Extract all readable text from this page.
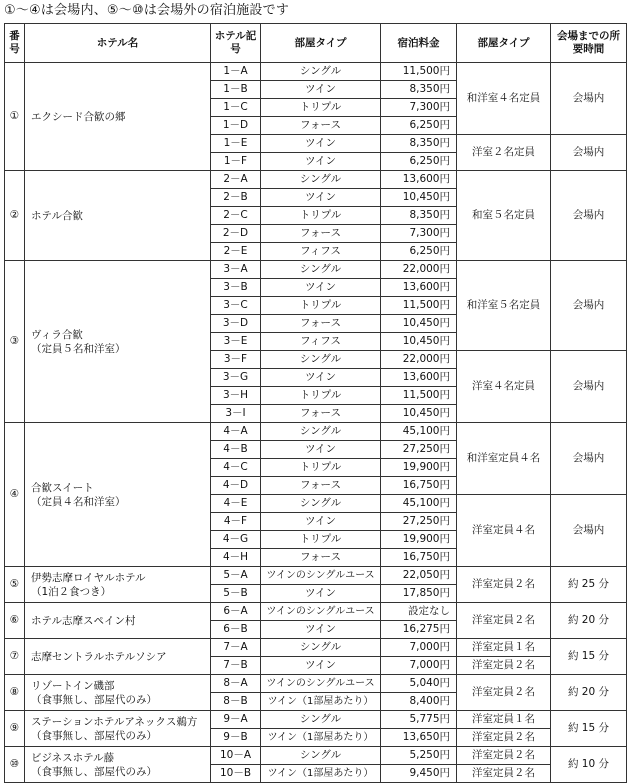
①〜④は会場内、⑤〜⑩は会場外の宿泊施設です
番号	ホテル名	ホテル記号	部屋タイプ	宿泊料金	部屋タイプ	会場までの所要時間
①	エクシード合歓の郷	1－A	シングル	11,500円	和洋室４名定員	会場内
		1－B	ツイン	8,350円		
		1－C	トリプル	7,300円		
		1－D	フォース	6,250円		
		1－E	ツイン	8,350円	洋室２名定員	会場内
		1－F	ツイン	6,250円		
②	ホテル合歓	2－A	シングル	13,600円	和室５名定員	会場内
		2－B	ツイン	10,450円		
		2－C	トリプル	8,350円		
		2－D	フォース	7,300円		
		2－E	フィフス	6,250円		
③	ヴィラ合歓
（定員５名和洋室）	3－A	シングル	22,000円	和洋室５名定員	会場内
		3－B	ツイン	13,600円		
		3－C	トリプル	11,500円		
		3－D	フォース	10,450円		
		3－E	フィフス	10,450円		
		3－F	シングル	22,000円	洋室４名定員	会場内
		3－G	ツイン	13,600円		
		3－H	トリプル	11,500円		
		3－I	フォース	10,450円		
④	合歓スイート
（定員４名和洋室）	4－A	シングル	45,100円	和洋室定員４名	会場内
		4－B	ツイン	27,250円		
		4－C	トリプル	19,900円		
		4－D	フォース	16,750円		
		4－E	シングル	45,100円	洋室定員４名	会場内
		4－F	ツイン	27,250円		
		4－G	トリプル	19,900円		
		4－H	フォース	16,750円		
⑤	伊勢志摩ロイヤルホテル
（1泊２食つき）	5－A	ツインのシングルユース	22,050円	洋室定員２名	約 25 分
		5－B	ツイン	17,850円		
⑥	ホテル志摩スペイン村	6－A	ツインのシングルユース	設定なし	洋室定員２名	約 20 分
		6－B	ツイン	16,275円		
⑦	志摩セントラルホテルソシア	7－A	シングル	7,000円	洋室定員１名	約 15 分
		7－B	ツイン	7,000円	洋室定員２名	
⑧	リゾートイン磯部
（食事無し、部屋代のみ）	8－A	ツインのシングルユース	5,040円	洋室定員２名	約 20 分
		8－B	ツイン（1部屋あたり）	8,400円		
⑨	ステーションホテルアネックス鵜方
（食事無し、部屋代のみ）	9－A	シングル	5,775円	洋室定員１名	約 15 分
		9－B	ツイン（1部屋あたり）	13,650円	洋室定員２名	
⑩	ビジネスホテル藤
（食事無し、部屋代のみ）	10－A	シングル	5,250円	洋室定員２名	約 10 分
		10－B	ツイン（1部屋あたり）	9,450円	洋室定員２名	
